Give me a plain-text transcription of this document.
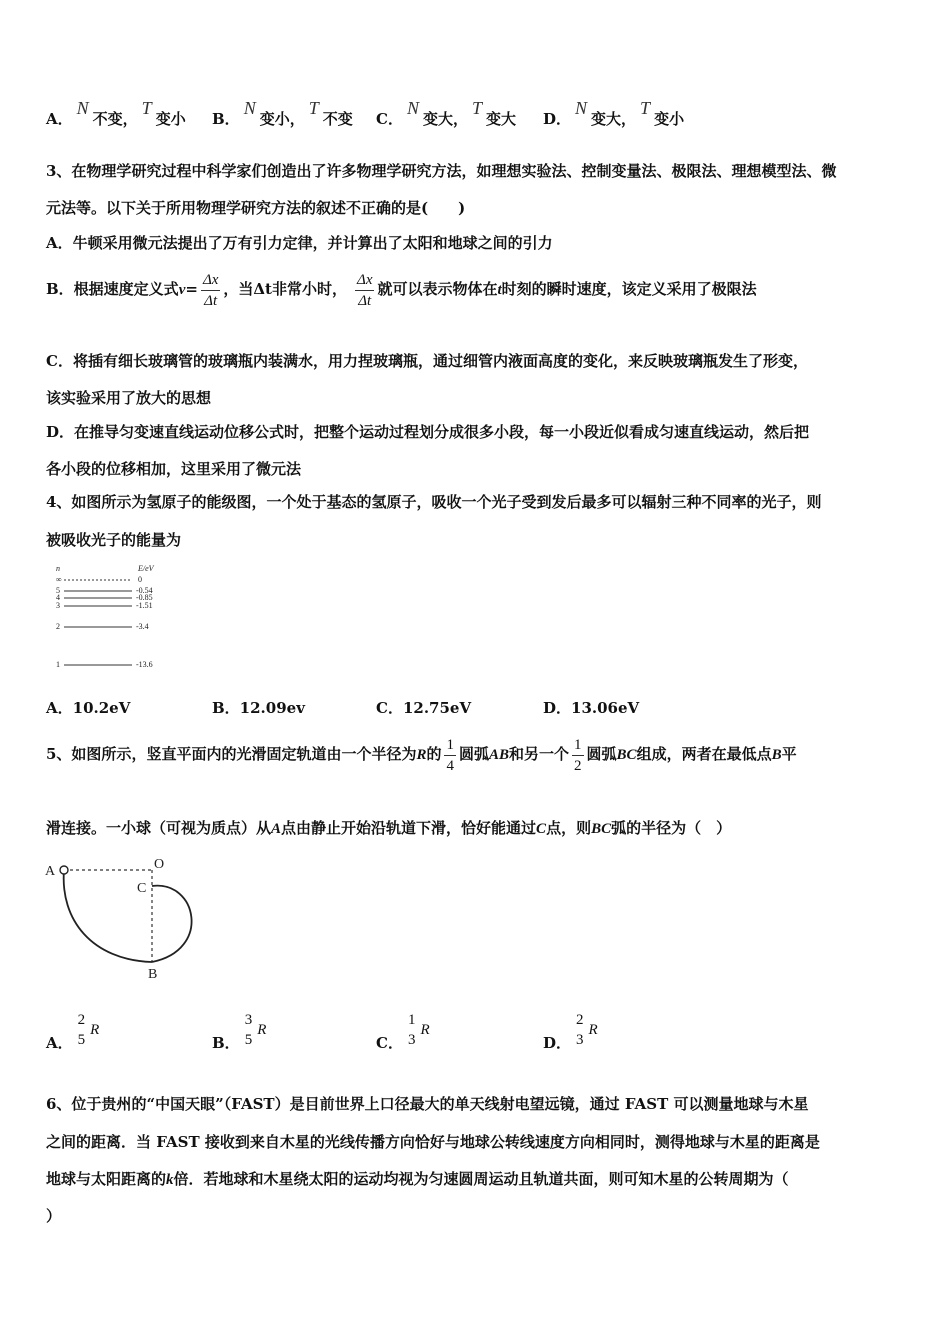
A．N不变，T变小 B．N变小，T不变 C．N变大，T变大 D．N变大，T变小
3、在物理学研究过程中科学家们创造出了许多物理学研究方法，如理想实验法、控制变量法、极限法、理想模型法、微
元法等。以下关于所用物理学研究方法的叙述不正确的是(　　)
A．牛顿采用微元法提出了万有引力定律，并计算出了太阳和地球之间的引力
B．根据速度定义式$v= \frac{\Delta x}{\Delta t}$ ，当Δt非常小时， $\frac{\Delta x}{\Delta t}$ 就可以表示物体在t时刻的瞬时速度，该定义采用了极限法
C．将插有细长玻璃管的玻璃瓶内装满水，用力捏玻璃瓶，通过细管内液面高度的变化，来反映玻璃瓶发生了形变，
该实验采用了放大的思想
D．在推导匀变速直线运动位移公式时，把整个运动过程划分成很多小段，每一小段近似看成匀速直线运动，然后把
各小段的位移相加，这里采用了微元法
4、如图所示为氢原子的能级图，一个处于基态的氢原子，吸收一个光子受到发后最多可以辐射三种不同率的光子，则
被吸收光子的能量为
n	E/eV
∞	0
5	-0.54
4	-0.85
3	-1.51
2	-3.4
1	-13.6
A．10.2eV	B．12.09ev	C．12.75eV	D．13.06eV
5、如图所示，竖直平面内的光滑固定轨道由一个半径为R的 $\frac{1}{4}$ 圆弧AB和另一个 $\frac{1}{2}$ 圆弧BC组成，两者在最低点B平
滑连接。一小球（可视为质点）从A点由静止开始沿轨道下滑，恰好能通过C点，则BC弧的半径为（　）
A	O
C
B
A．
2
5
R
B．
3
5
R
C．
1
3
R
D．
2
3
R
6、位于贵州的“中国天眼”（FAST）是目前世界上口径最大的单天线射电望远镜，通过 FAST 可以测量地球与木星
之间的距离．当 FAST 接收到来自木星的光线传播方向恰好与地球公转线速度方向相同时，测得地球与木星的距离是
地球与太阳距离的k倍．若地球和木星绕太阳的运动均视为匀速圆周运动且轨道共面，则可知木星的公转周期为（
）
